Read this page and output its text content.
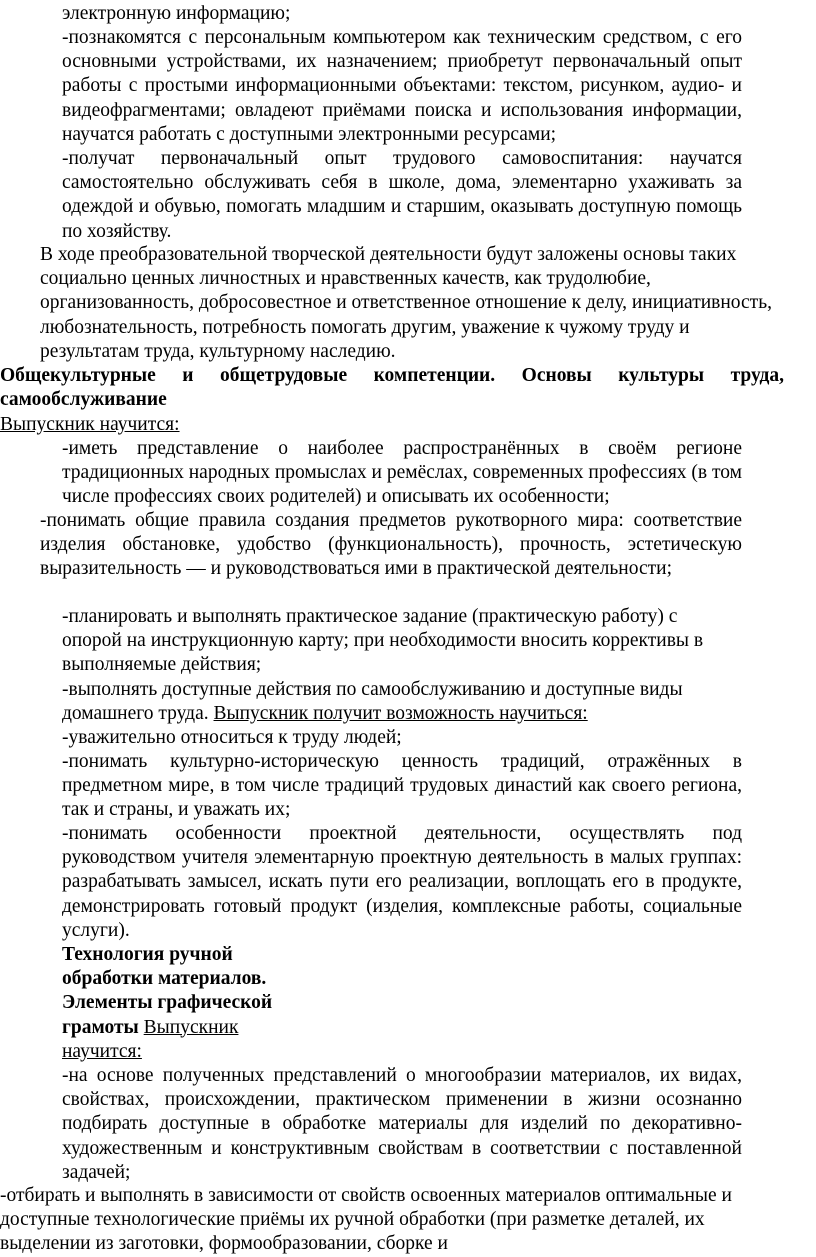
электронную информацию;

-познакомятся с персональным компьютером как техническим средством, с его основными устройствами, их назначением; приобретут первоначальный опыт работы с простыми информационными объектами: текстом, рисунком, аудио- и видеофрагментами; овладеют приёмами поиска и использования информации, научатся работать с доступными электронными ресурсами;

-получат первоначальный опыт трудового самовоспитания: научатся самостоятельно обслуживать себя в школе, дома, элементарно ухаживать за одеждой и обувью, помогать младшим и старшим, оказывать доступную помощь по хозяйству.

В ходе преобразовательной творческой деятельности будут заложены основы таких социально ценных личностных и нравственных качеств, как трудолюбие, организованность, добросовестное и ответственное отношение к делу, инициативность, любознательность, потребность помогать другим, уважение к чужому труду и результатам труда, культурному наследию.

Общекультурные и общетрудовые компетенции. Основы культуры труда, самообслуживание

Выпускник научится:

-иметь представление о наиболее распространённых в своём регионе традиционных народных промыслах и ремёслах, современных профессиях (в том числе профессиях своих родителей) и описывать их особенности;

-понимать общие правила создания предметов рукотворного мира: соответствие изделия обстановке, удобство (функциональность), прочность, эстетическую выразительность — и руководствоваться ими в практической деятельности;

-планировать и выполнять практическое задание (практическую работу) с опорой на инструкционную карту; при необходимости вносить коррективы в выполняемые действия;

-выполнять доступные действия по самообслуживанию и доступные виды домашнего труда. Выпускник получит возможность научиться:

-уважительно относиться к труду людей;

-понимать культурно-историческую ценность традиций, отражённых в предметном мире, в том числе традиций трудовых династий как своего региона, так и страны, и уважать их;

-понимать особенности проектной деятельности, осуществлять под руководством учителя элементарную проектную деятельность в малых группах: разрабатывать замысел, искать пути его реализации, воплощать его в продукте, демонстрировать готовый продукт (изделия, комплексные работы, социальные услуги).

Технология ручной
обработки материалов.
Элементы графической
грамоты Выпускник
научится:

-на основе полученных представлений о многообразии материалов, их видах, свойствах, происхождении, практическом применении в жизни осознанно подбирать доступные в обработке материалы для изделий по декоративно-художественным и конструктивным свойствам в соответствии с поставленной задачей;

-отбирать и выполнять в зависимости от свойств освоенных материалов оптимальные и доступные технологические приёмы их ручной обработки (при разметке деталей, их выделении из заготовки, формообразовании, сборке и
